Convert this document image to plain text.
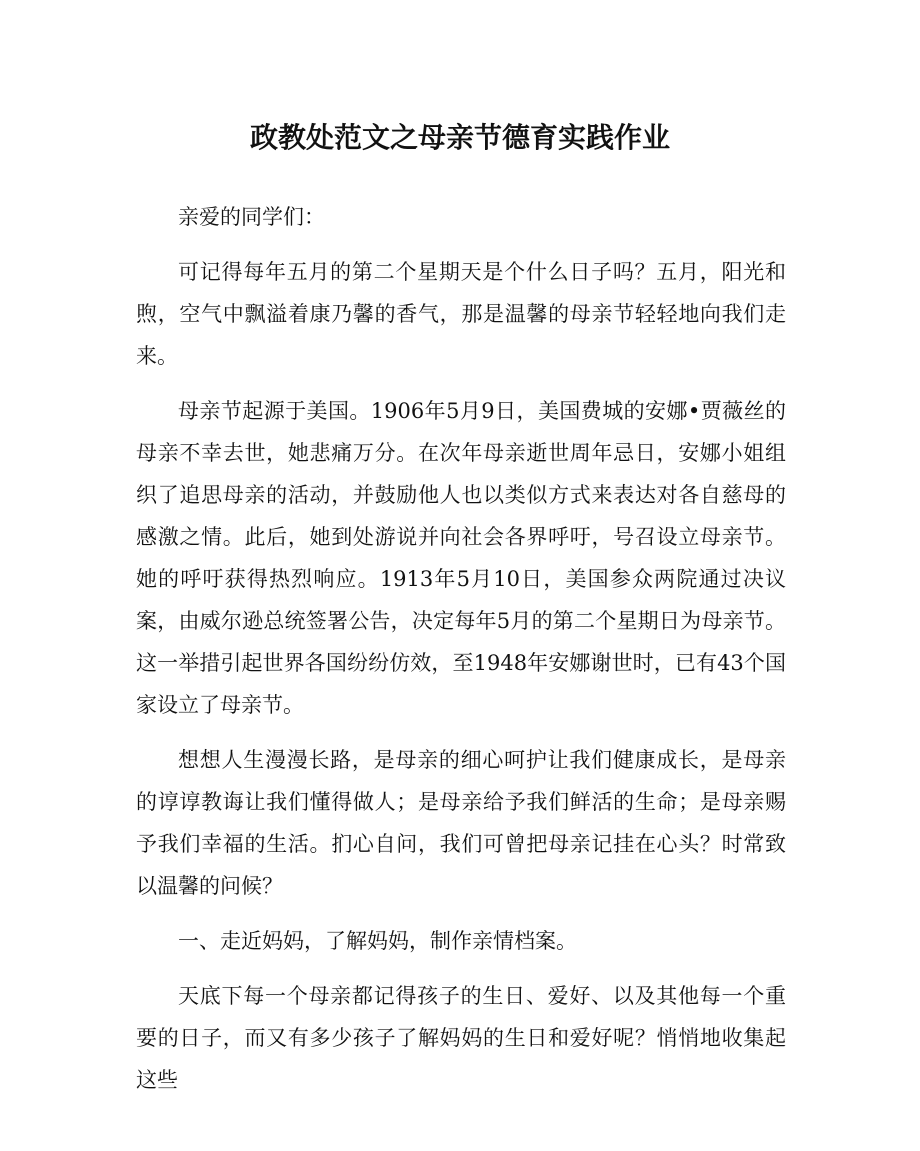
政教处范文之母亲节德育实践作业

亲爱的同学们：

可记得每年五月的第二个星期天是个什么日子吗？五月，阳光和煦，空气中飘溢着康乃馨的香气，那是温馨的母亲节轻轻地向我们走来。

母亲节起源于美国。1906年5月9日，美国费城的安娜•贾薇丝的母亲不幸去世，她悲痛万分。在次年母亲逝世周年忌日，安娜小姐组织了追思母亲的活动，并鼓励他人也以类似方式来表达对各自慈母的感激之情。此后，她到处游说并向社会各界呼吁，号召设立母亲节。她的呼吁获得热烈响应。1913年5月10日，美国参众两院通过决议案，由威尔逊总统签署公告，决定每年5月的第二个星期日为母亲节。这一举措引起世界各国纷纷仿效，至1948年安娜谢世时，已有43个国家设立了母亲节。

想想人生漫漫长路，是母亲的细心呵护让我们健康成长，是母亲的谆谆教诲让我们懂得做人；是母亲给予我们鲜活的生命；是母亲赐予我们幸福的生活。扪心自问，我们可曾把母亲记挂在心头？时常致以温馨的问候？

一、走近妈妈，了解妈妈，制作亲情档案。

天底下每一个母亲都记得孩子的生日、爱好、以及其他每一个重要的日子，而又有多少孩子了解妈妈的生日和爱好呢？悄悄地收集起这些
